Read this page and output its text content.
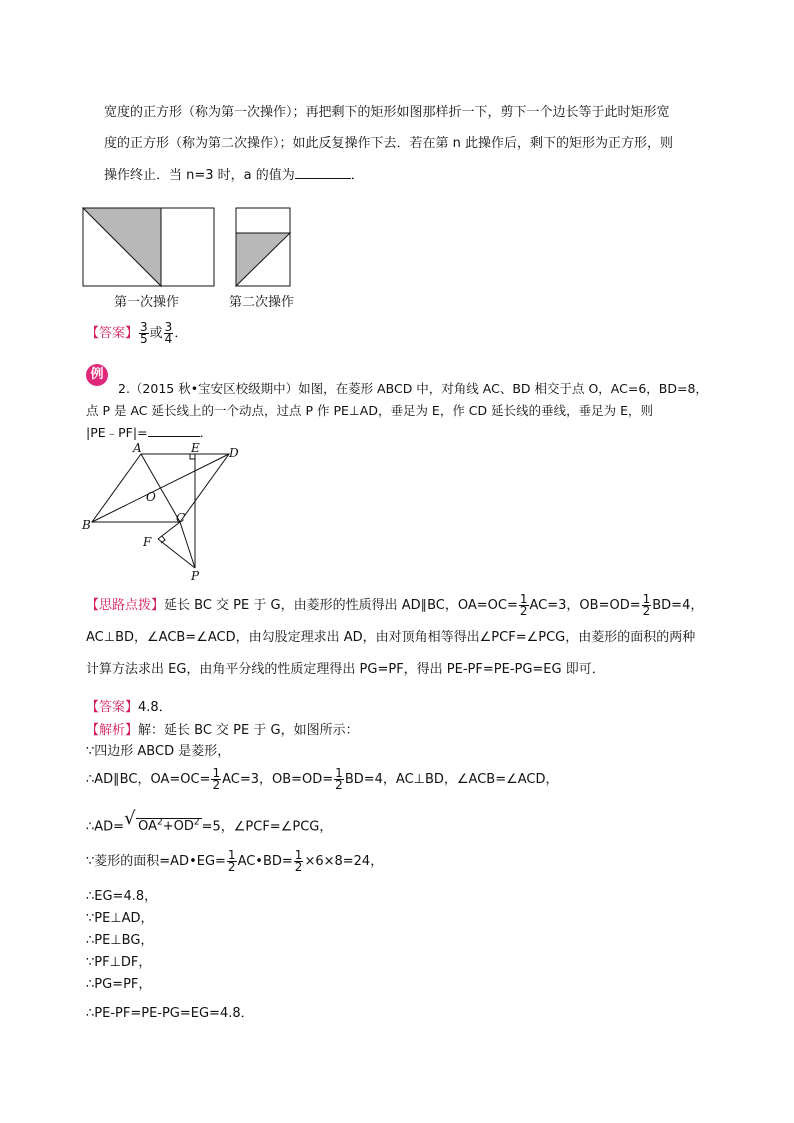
宽度的正方形（称为第一次操作）；再把剩下的矩形如图那样折一下，剪下一个边长等于此时矩形宽
度的正方形（称为第二次操作）；如此反复操作下去．若在第 n 此操作后，剩下的矩形为正方形，则
操作终止．当 n=3 时，a 的值为	．
第一次操作	第二次操作
【答案】 $\frac{3}{5}$ 或 $\frac{3}{4}$ ．
例
2.（2015 秋•宝安区校级期中）如图，在菱形 ABCD 中，对角线 AC、BD 相交于点 O，AC=6，BD=8，
点 P 是 AC 延长线上的一个动点，过点 P 作 PE⊥AD，垂足为 E，作 CD 延长线的垂线，垂足为 E，则
|PE﹣PF|=	．
A	E D
O
B	C
F
P
【思路点拨】延长 BC 交 PE 于 G，由菱形的性质得出 AD∥BC，$OA=OC= \frac{1}{2} AC=3$，$OB=OD= \frac{1}{2} BD=4$，
AC⊥BD，∠ACB=∠ACD，由勾股定理求出 AD，由对顶角相等得出∠PCF=∠PCG，由菱形的面积的两种
计算方法求出 EG，由角平分线的性质定理得出 PG=PF，得出 PE-PF=PE-PG=EG 即可．
【答案】4.8．
【解析】解：延长 BC 交 PE 于 G，如图所示：
∵四边形 ABCD 是菱形，
∴AD∥BC，$OA=OC= \frac{1}{2} AC=3$，$OB=OD= \frac{1}{2} BD=4$，AC⊥BD，∠ACB=∠ACD，
∴AD= √ $OA^2+OD^2 =5$，∠PCF=∠PCG，
∵菱形的面积=AD•EG= $\frac{1}{2}$ AC•BD= $\frac{1}{2} \times 6\times 8=24$，
∴EG=4.8，
∵PE⊥AD，
∴PE⊥BG，
∵PF⊥DF，
∴PG=PF，
∴PE-PF=PE-PG=EG=4.8．
